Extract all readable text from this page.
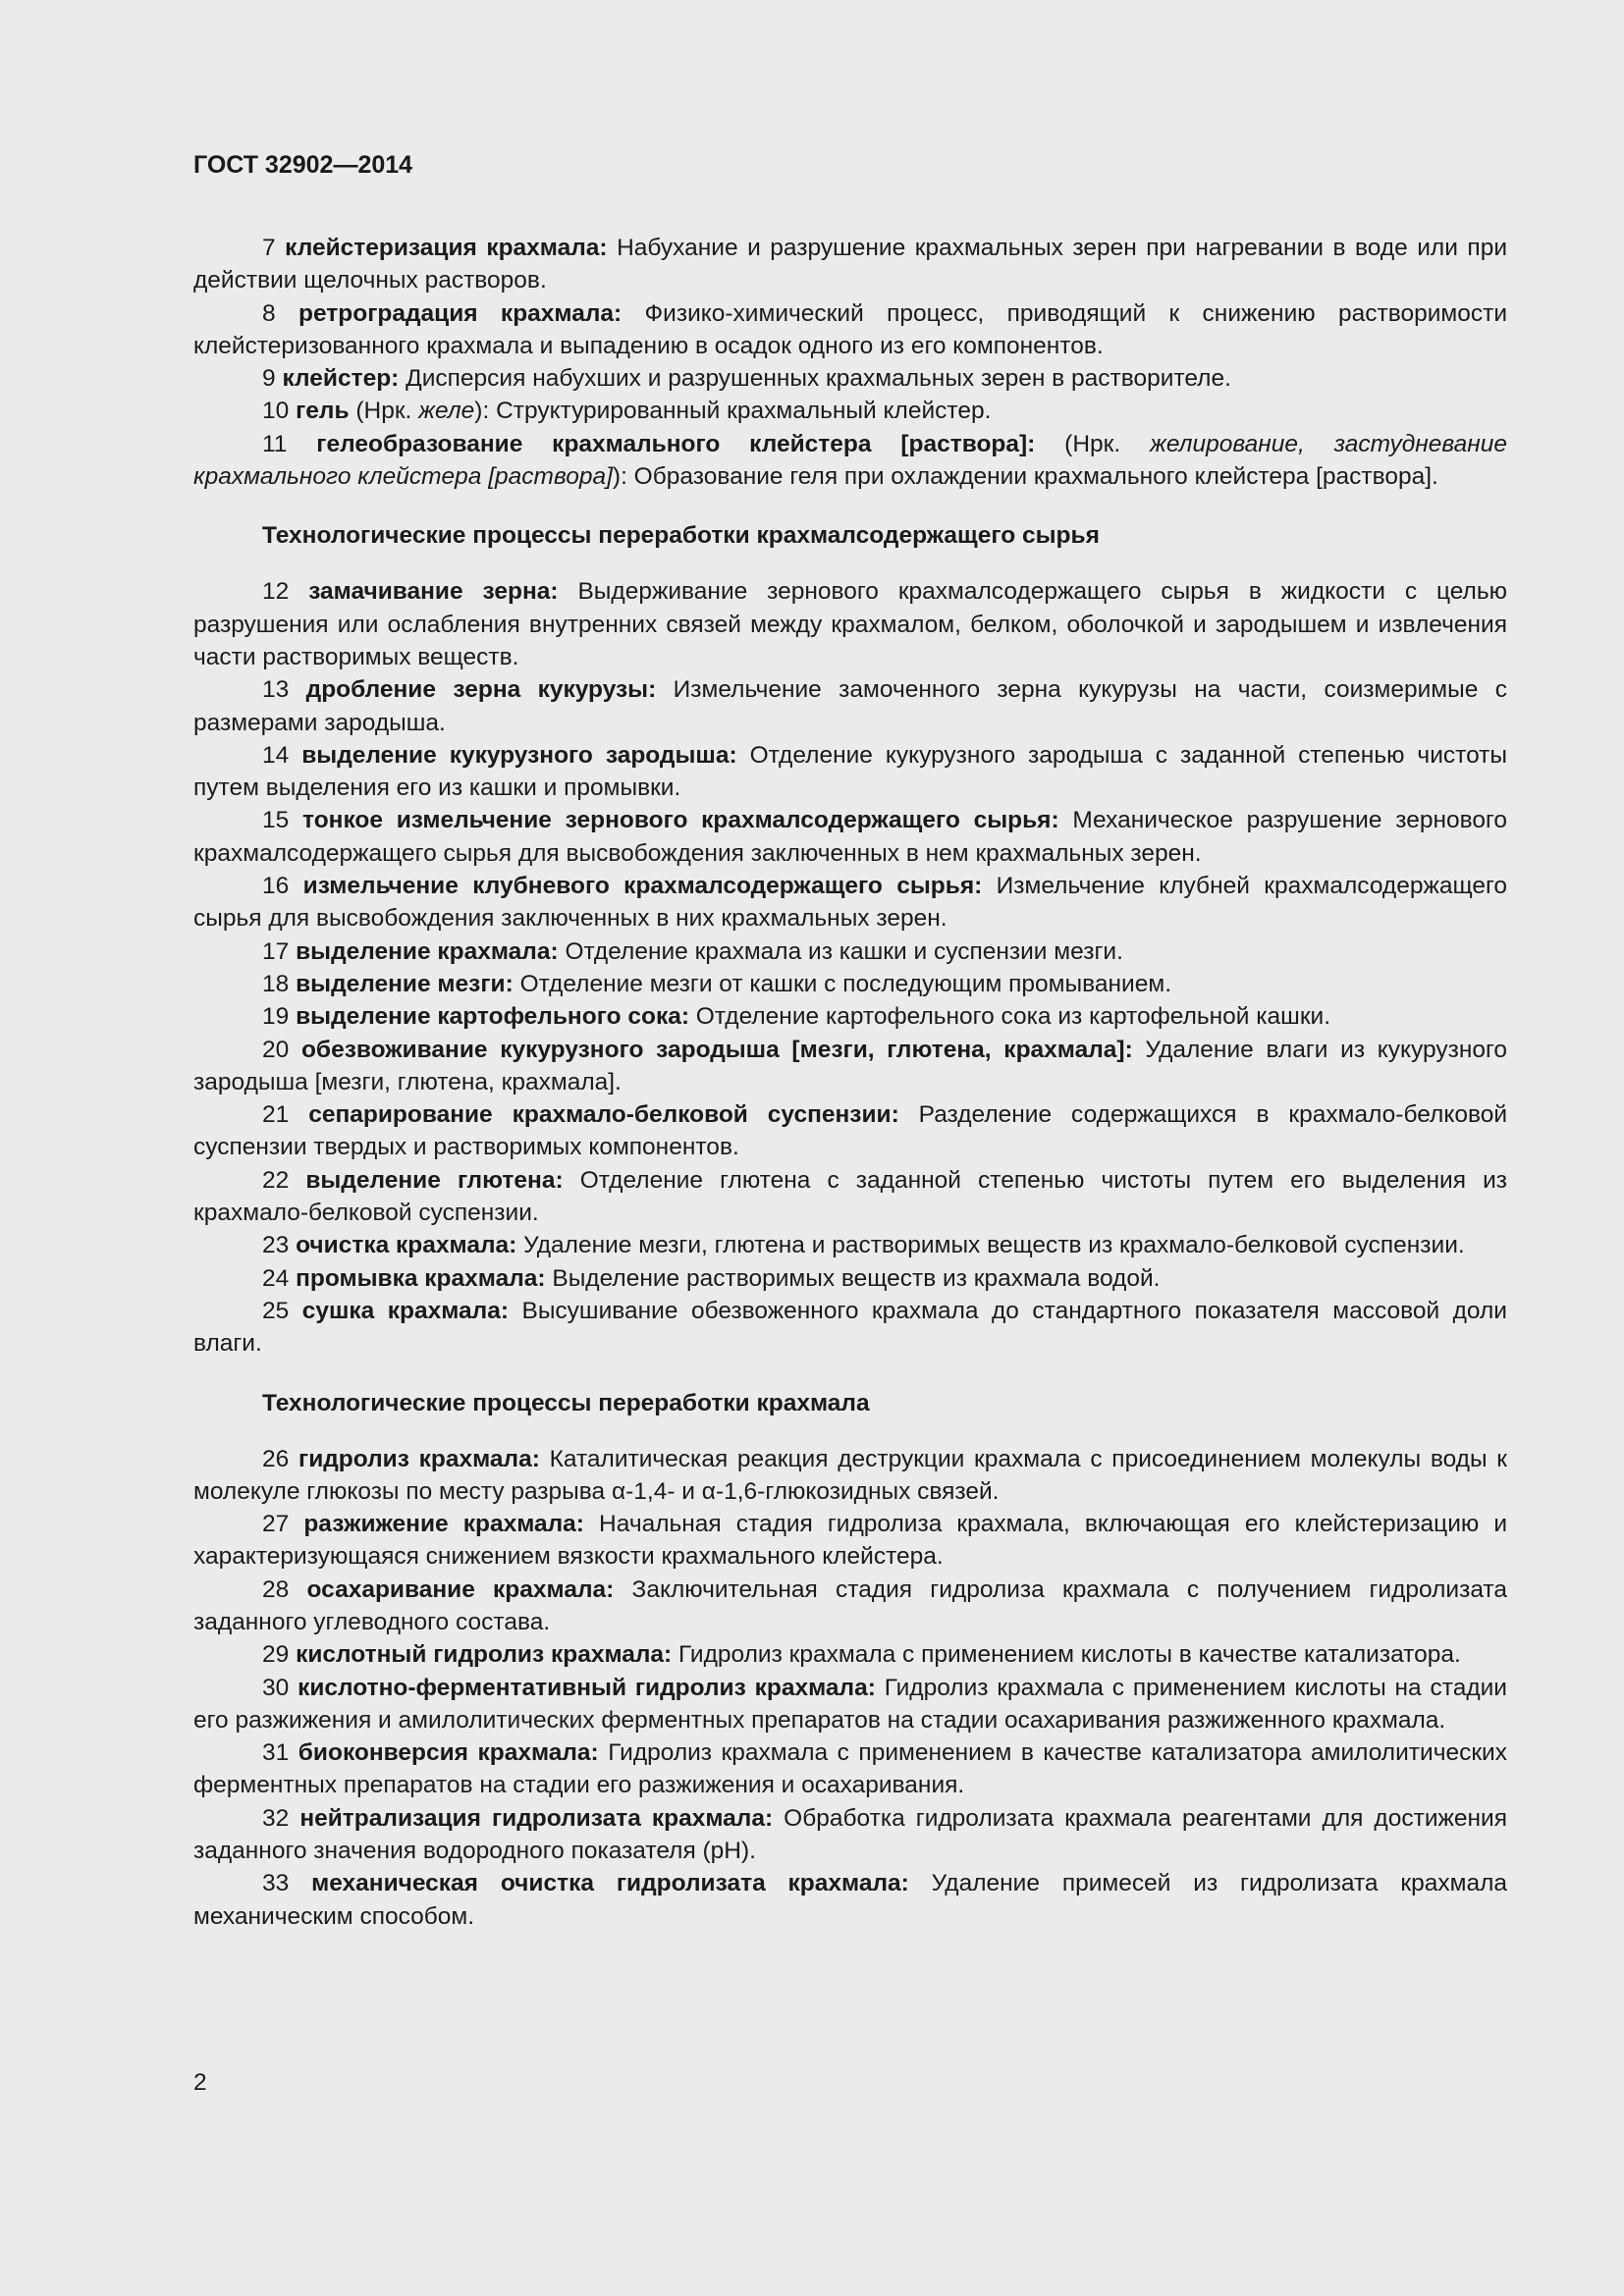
ГОСТ 32902—2014

7 клейстеризация крахмала: Набухание и разрушение крахмальных зерен при нагревании в воде или при действии щелочных растворов.

8 ретроградация крахмала: Физико-химический процесс, приводящий к снижению растворимости клейстеризованного крахмала и выпадению в осадок одного из его компонентов.

9 клейстер: Дисперсия набухших и разрушенных крахмальных зерен в растворителе.

10 гель (Нрк. желе): Структурированный крахмальный клейстер.

11 гелеобразование крахмального клейстера [раствора]: (Нрк. желирование, застудневание крахмального клейстера [раствора]): Образование геля при охлаждении крахмального клейстера [раствора].

Технологические процессы переработки крахмалсодержащего сырья

12 замачивание зерна: Выдерживание зернового крахмалсодержащего сырья в жидкости с целью разрушения или ослабления внутренних связей между крахмалом, белком, оболочкой и зародышем и извлечения части растворимых веществ.

13 дробление зерна кукурузы: Измельчение замоченного зерна кукурузы на части, соизмеримые с размерами зародыша.

14 выделение кукурузного зародыша: Отделение кукурузного зародыша с заданной степенью чистоты путем выделения его из кашки и промывки.

15 тонкое измельчение зернового крахмалсодержащего сырья: Механическое разрушение зернового крахмалсодержащего сырья для высвобождения заключенных в нем крахмальных зерен.

16 измельчение клубневого крахмалсодержащего сырья: Измельчение клубней крахмалсодержащего сырья для высвобождения заключенных в них крахмальных зерен.

17 выделение крахмала: Отделение крахмала из кашки и суспензии мезги.

18 выделение мезги: Отделение мезги от кашки с последующим промыванием.

19 выделение картофельного сока: Отделение картофельного сока из картофельной кашки.

20 обезвоживание кукурузного зародыша [мезги, глютена, крахмала]: Удаление влаги из кукурузного зародыша [мезги, глютена, крахмала].

21 сепарирование крахмало-белковой суспензии: Разделение содержащихся в крахмало-белковой суспензии твердых и растворимых компонентов.

22 выделение глютена: Отделение глютена с заданной степенью чистоты путем его выделения из крахмало-белковой суспензии.

23 очистка крахмала: Удаление мезги, глютена и растворимых веществ из крахмало-белковой суспензии.

24 промывка крахмала: Выделение растворимых веществ из крахмала водой.

25 сушка крахмала: Высушивание обезвоженного крахмала до стандартного показателя массовой доли влаги.

Технологические процессы переработки крахмала

26 гидролиз крахмала: Каталитическая реакция деструкции крахмала с присоединением молекулы воды к молекуле глюкозы по месту разрыва α-1,4- и α-1,6-глюкозидных связей.

27 разжижение крахмала: Начальная стадия гидролиза крахмала, включающая его клейстеризацию и характеризующаяся снижением вязкости крахмального клейстера.

28 осахаривание крахмала: Заключительная стадия гидролиза крахмала с получением гидролизата заданного углеводного состава.

29 кислотный гидролиз крахмала: Гидролиз крахмала с применением кислоты в качестве катализатора.

30 кислотно-ферментативный гидролиз крахмала: Гидролиз крахмала с применением кислоты на стадии его разжижения и амилолитических ферментных препаратов на стадии осахаривания разжиженного крахмала.

31 биоконверсия крахмала: Гидролиз крахмала с применением в качестве катализатора амилолитических ферментных препаратов на стадии его разжижения и осахаривания.

32 нейтрализация гидролизата крахмала: Обработка гидролизата крахмала реагентами для достижения заданного значения водородного показателя (pH).

33 механическая очистка гидролизата крахмала: Удаление примесей из гидролизата крахмала механическим способом.

2
